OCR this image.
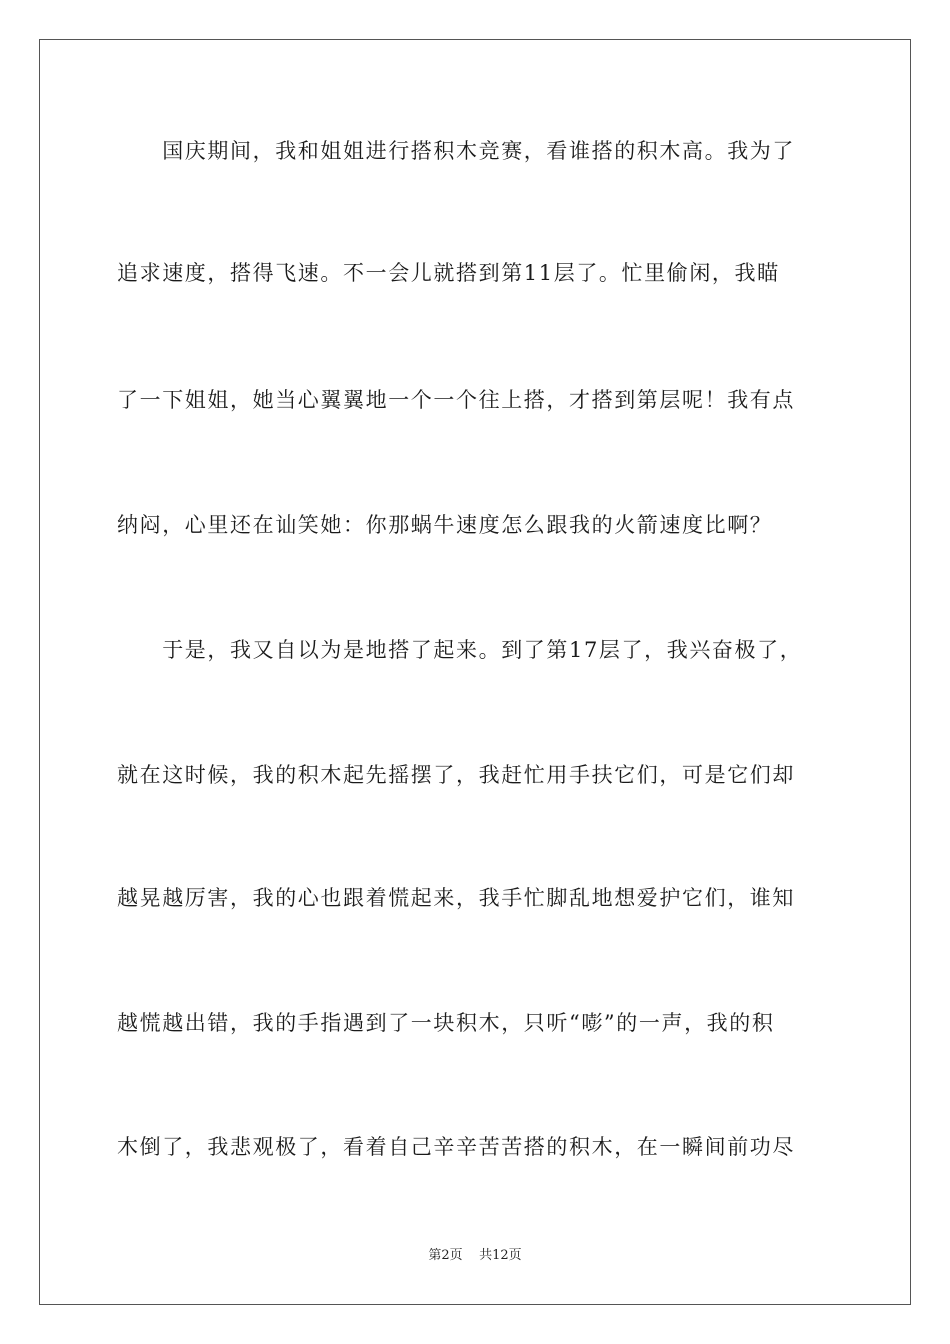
　　国庆期间，我和姐姐进行搭积木竞赛，看谁搭的积木高。我为了
追求速度，搭得飞速。不一会儿就搭到第11层了。忙里偷闲，我瞄
了一下姐姐，她当心翼翼地一个一个往上搭，才搭到第层呢！我有点
纳闷，心里还在讪笑她：你那蜗牛速度怎么跟我的火箭速度比啊？
　　于是，我又自以为是地搭了起来。到了第17层了，我兴奋极了，
就在这时候，我的积木起先摇摆了，我赶忙用手扶它们，可是它们却
越晃越厉害，我的心也跟着慌起来，我手忙脚乱地想爱护它们，谁知
越慌越出错，我的手指遇到了一块积木，只听“嘭”的一声，我的积
木倒了，我悲观极了，看着自己辛辛苦苦搭的积木，在一瞬间前功尽
第2页    共12页
